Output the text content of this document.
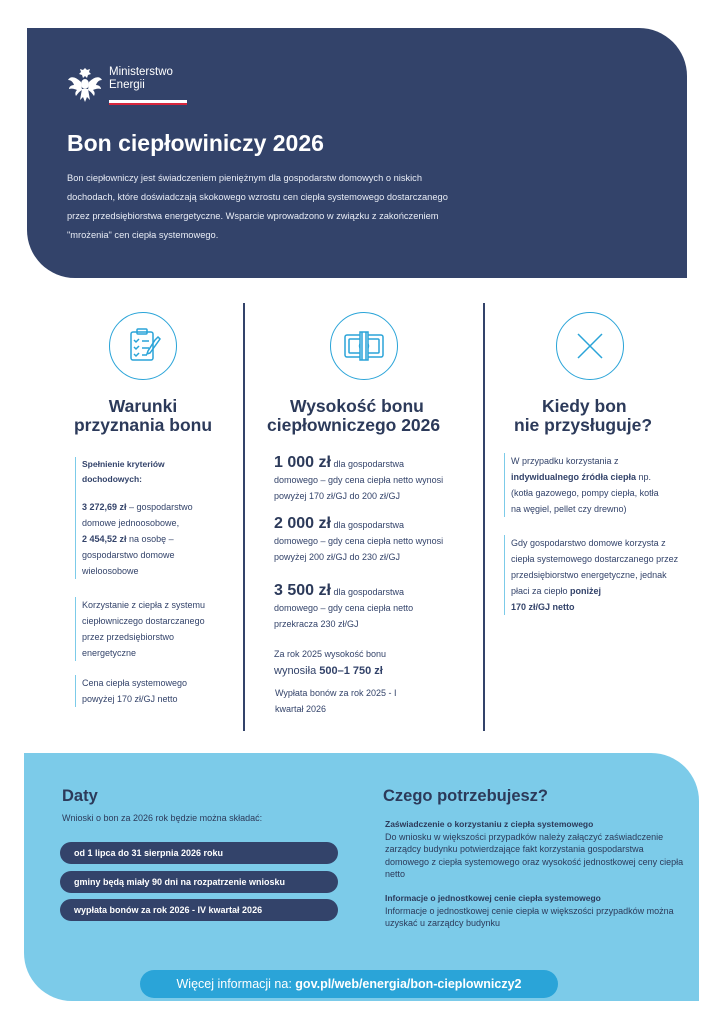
Ministerstwo
Energii
Bon ciepłowiniczy 2026
Bon ciepłowniczy jest świadczeniem pieniężnym dla gospodarstw domowych o niskich dochodach, które doświadczają skokowego wzrostu cen ciepła systemowego dostarczanego przez przedsiębiorstwa energetyczne. Wsparcie wprowadzono w związku z zakończeniem "mrożenia" cen ciepła systemowego.
Warunki
przyznania bonu
Spełnienie kryteriów
dochodowych:
3 272,69 zł – gospodarstwo domowe jednoosobowe,
2 454,52 zł na osobę – gospodarstwo domowe wieloosobowe
Korzystanie z ciepła z systemu ciepłowniczego dostarczanego przez przedsiębiorstwo energetyczne
Cena ciepła systemowego powyżej 170 zł/GJ netto
Wysokość bonu
ciepłowniczego 2026
1 000 zł dla gospodarstwa
domowego – gdy cena ciepła netto wynosi powyżej 170 zł/GJ do 200 zł/GJ
2 000 zł dla gospodarstwa
domowego – gdy cena ciepła netto wynosi powyżej 200 zł/GJ do 230 zł/GJ
3 500 zł dla gospodarstwa
domowego – gdy cena ciepła netto przekracza 230 zł/GJ
Za rok 2025 wysokość bonu
wynosiła 500–1 750 zł
Wypłata bonów za rok 2025 - I kwartał 2026
Kiedy bon
nie przysługuje?
W przypadku korzystania z indywidualnego źródła ciepła np. (kotła gazowego, pompy ciepła, kotła na węgiel, pellet czy drewno)
Gdy gospodarstwo domowe korzysta z ciepła systemowego dostarczanego przez przedsiębiorstwo energetyczne, jednak płaci za ciepło poniżej
170 zł/GJ netto
Daty
Wnioski o bon za 2026 rok będzie można składać:
od 1 lipca do 31 sierpnia 2026 roku
gminy będą miały 90 dni na rozpatrzenie wniosku
wypłata bonów za rok 2026 - IV kwartał 2026
Czego potrzebujesz?
Zaświadczenie o korzystaniu z ciepła systemowego
Do wniosku w większości przypadków należy załączyć zaświadczenie zarządcy budynku potwierdzające fakt korzystania gospodarstwa domowego z ciepła systemowego oraz wysokość jednostkowej ceny ciepła netto
Informacje o jednostkowej cenie ciepła systemowego
Informacje o jednostkowej cenie ciepła w większości przypadków można uzyskać u zarządcy budynku
Więcej informacji na: gov.pl/web/energia/bon-cieplowniczy2
